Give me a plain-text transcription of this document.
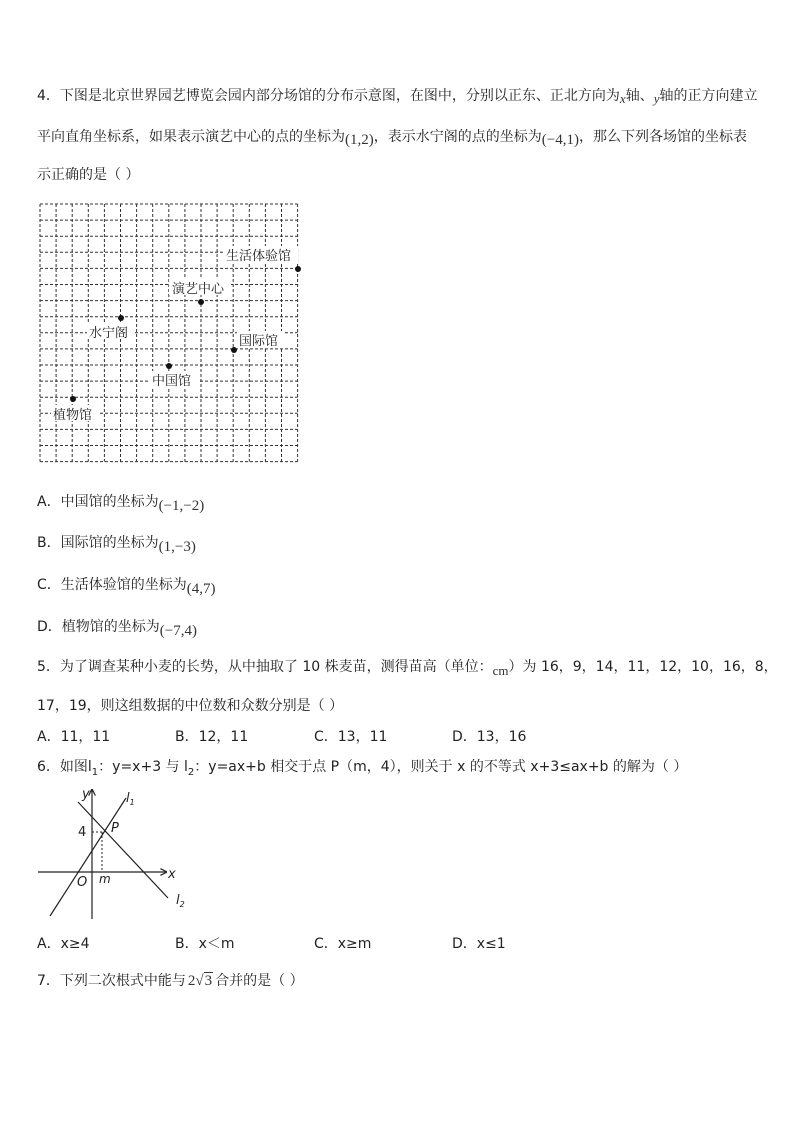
4．下图是北京世界园艺博览会园内部分场馆的分布示意图，在图中，分别以正东、正北方向为x轴、y轴的正方向建立
平向直角坐标系，如果表示演艺中心的点的坐标为(1,2)，表示水宁阁的点的坐标为(−4,1)，那么下列各场馆的坐标表
示正确的是（ ）
生活体验馆
演艺中心
水宁阁
国际馆
中国馆
植物馆
A．中国馆的坐标为(−1,−2)
B．国际馆的坐标为(1,−3)
C．生活体验馆的坐标为(4,7)
D．植物馆的坐标为(−7,4)
5．为了调查某种小麦的长势，从中抽取了 10 株麦苗，测得苗高（单位：cm）为 16，9，14，11，12，10，16，8，
17，19，则这组数据的中位数和众数分别是（ ）
A．11，11	B．12，11	C．13，11	D．13，16
6．如图$l_1$：y=x+3 与 $l_2$：y=ax+b 相交于点 P（m，4），则关于 x 的不等式 x+3≤ax+b 的解为（ ）
y
x
O m
P
$l_1$
$l_2$
4
A．x≥4	B．x＜m	C．x≥m	D．x≤1
7．下列二次根式中能与 2√3 合并的是（ ）
